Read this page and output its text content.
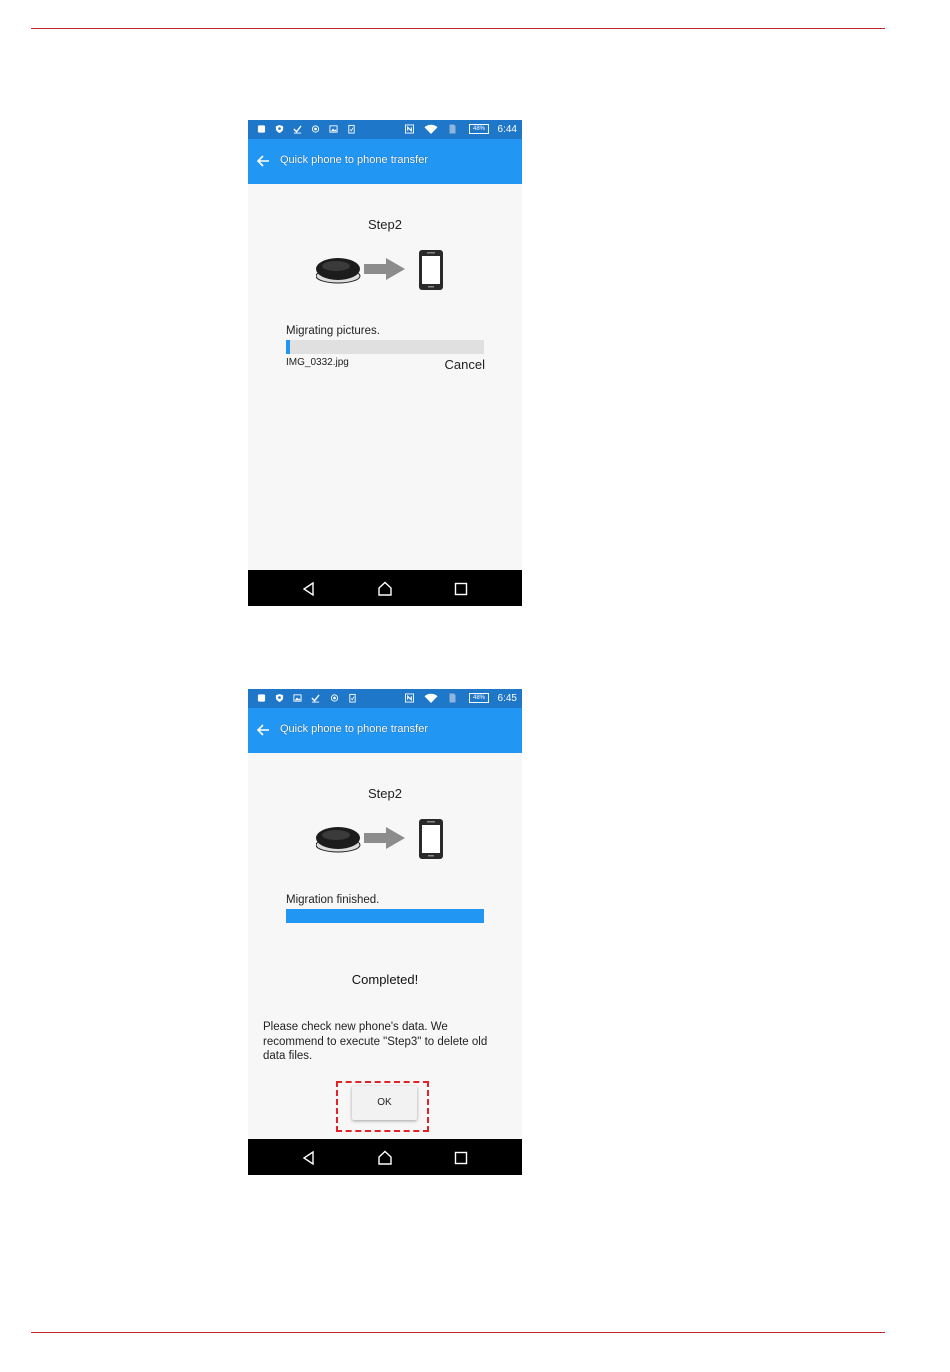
48%	6:44
Quick phone to phone transfer
Step2
Migrating pictures.
IMG_0332.jpg	Cancel
48%	6:45
Quick phone to phone transfer
Step2
Migration finished.
Completed!
Please check new phone's data. We recommend to execute "Step3" to delete old data files.
OK
